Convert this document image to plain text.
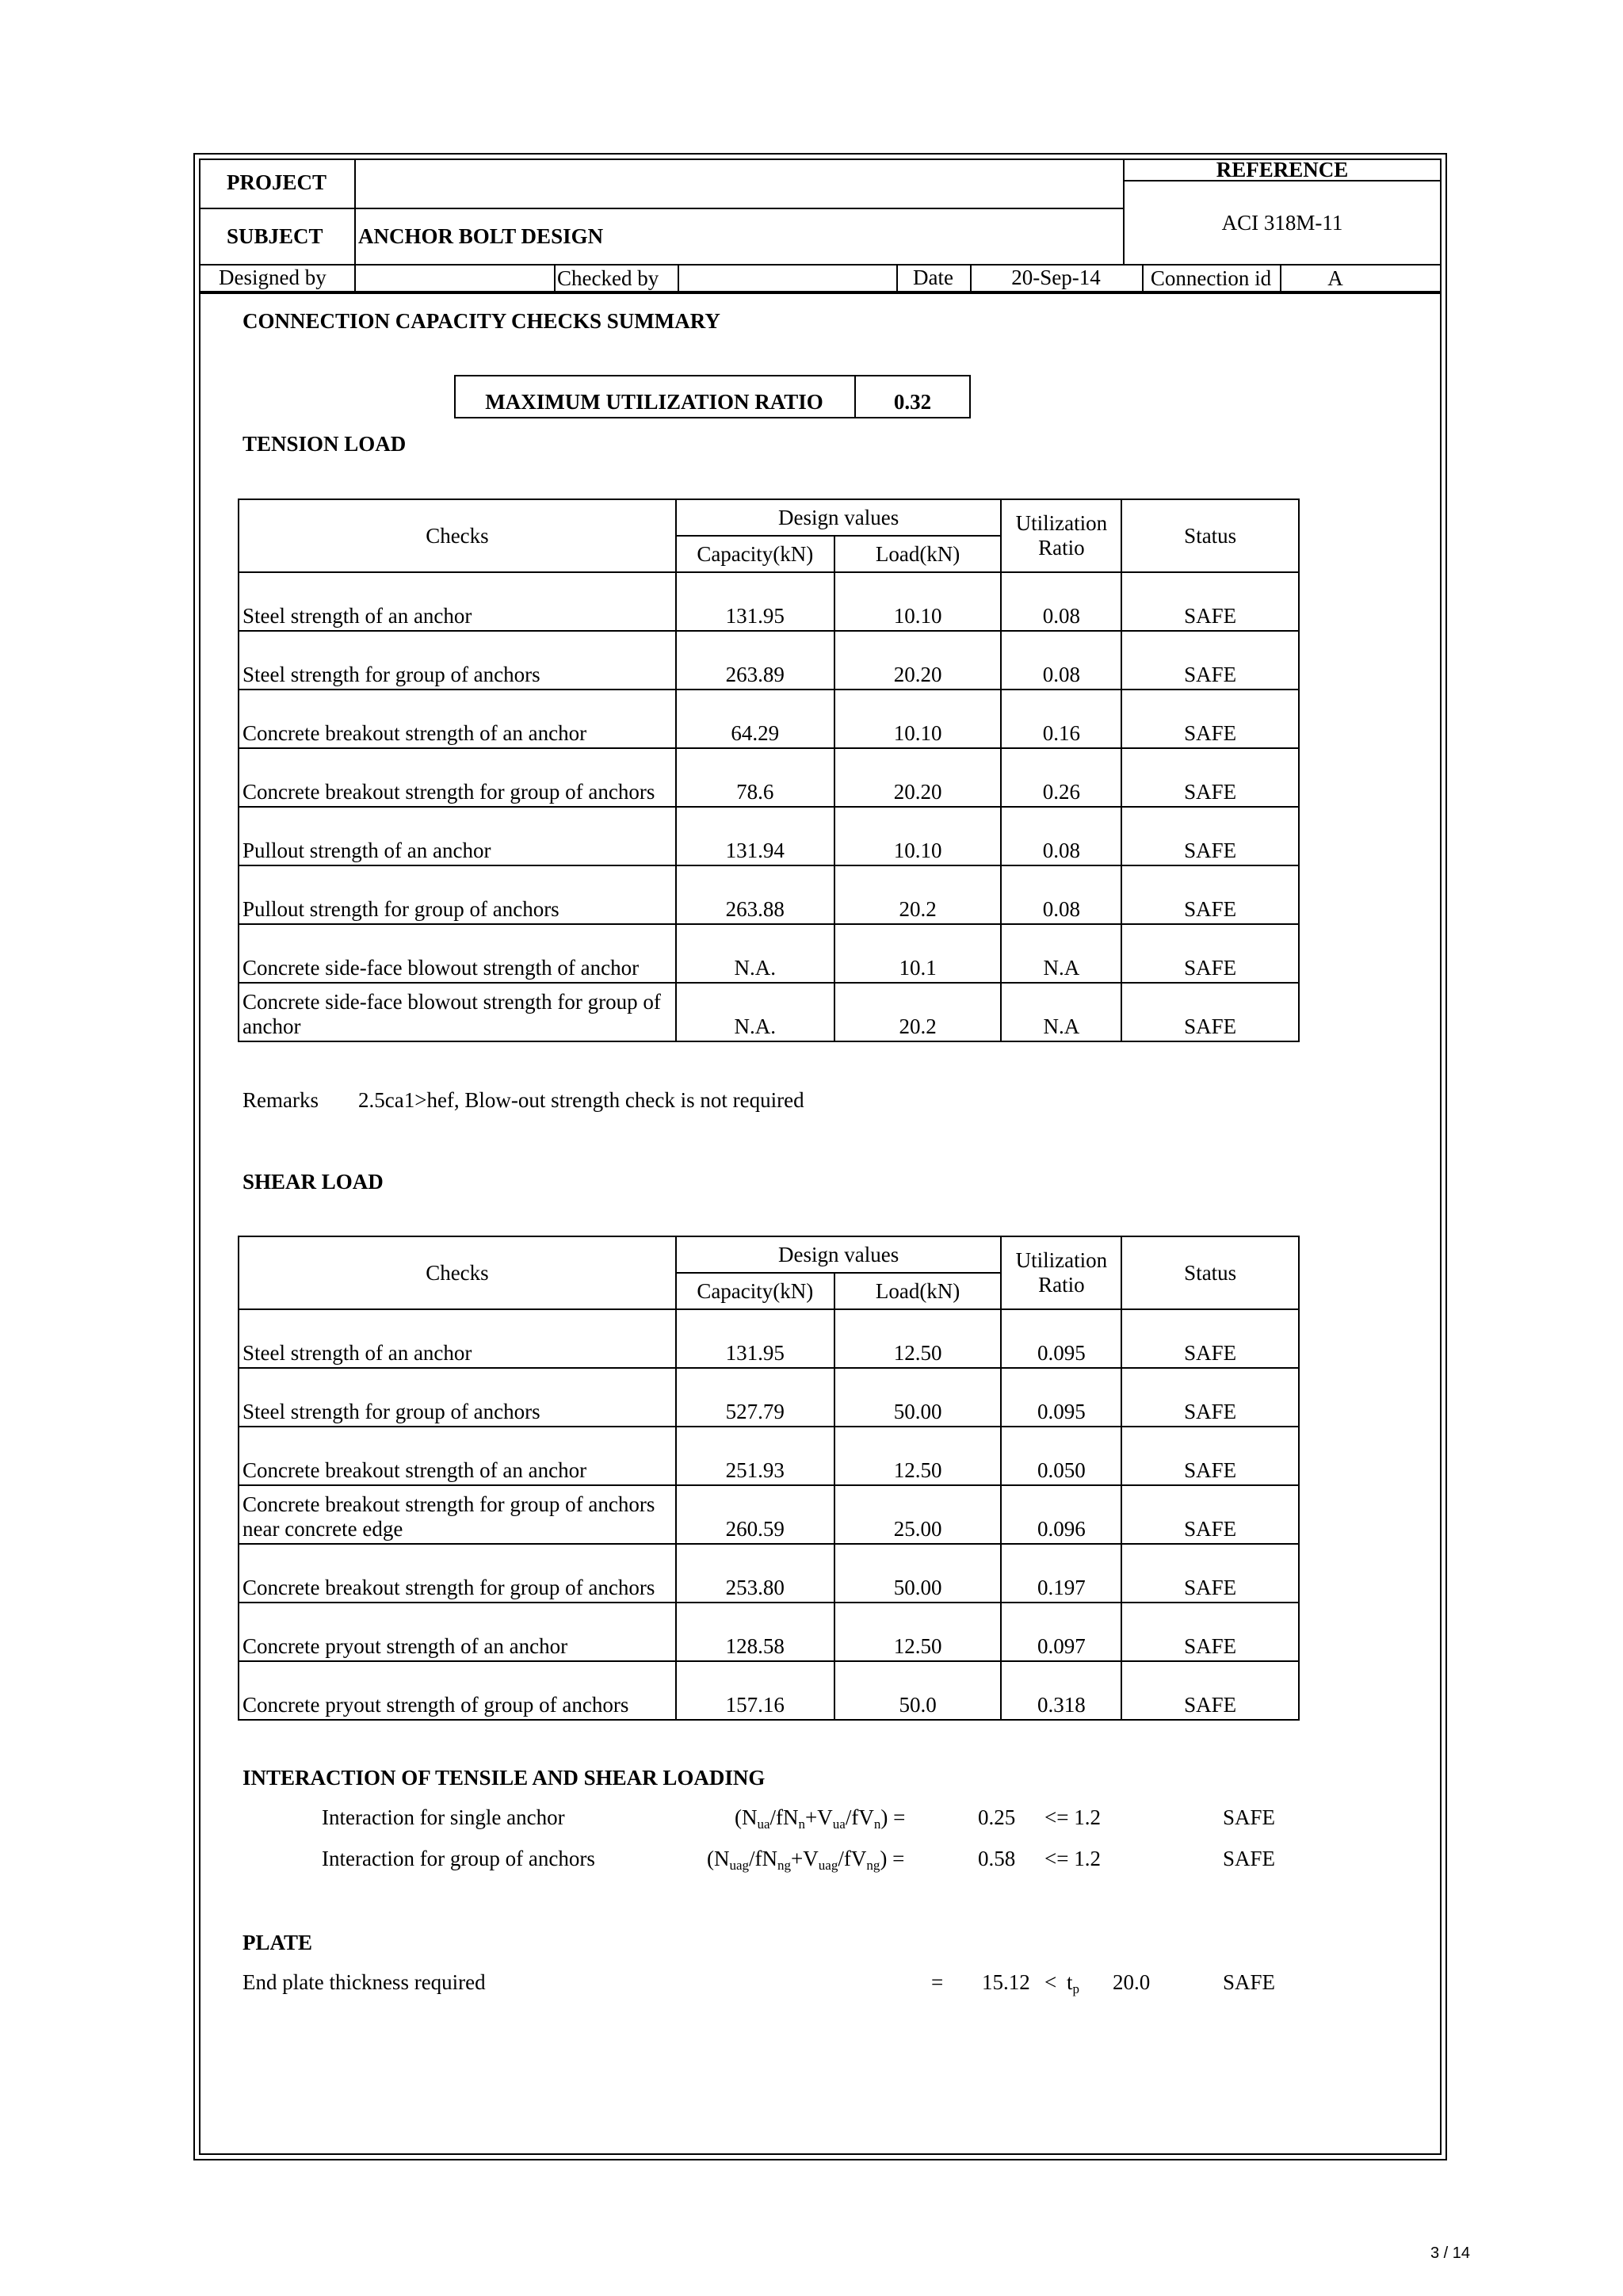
PROJECT
REFERENCE
ACI 318M-11
SUBJECT ANCHOR BOLT DESIGN
Designed by	Checked by	Date	20-Sep-14	Connection id	A
CONNECTION CAPACITY CHECKS SUMMARY
MAXIMUM UTILIZATION RATIO	0.32
TENSION LOAD
Checks	Design values		Utilization
Ratio	Status
	Capacity(kN)	Load(kN)		
Steel strength of an anchor	131.95	10.10	0.08	SAFE
Steel strength for group of anchors	263.89	20.20	0.08	SAFE
Concrete breakout strength of an anchor	64.29	10.10	0.16	SAFE
Concrete breakout strength for group of anchors	78.6	20.20	0.26	SAFE
Pullout strength of an anchor	131.94	10.10	0.08	SAFE
Pullout strength for group of anchors	263.88	20.2	0.08	SAFE
Concrete side-face blowout strength of anchor	N.A.	10.1	N.A	SAFE
Concrete side-face blowout strength for group of
anchor	N.A.	20.2	N.A	SAFE
Remarks 2.5ca1>hef, Blow-out strength check is not required
SHEAR LOAD
Checks	Design values		Utilization
Ratio	Status
	Capacity(kN)	Load(kN)		
Steel strength of an anchor	131.95	12.50	0.095	SAFE
Steel strength for group of anchors	527.79	50.00	0.095	SAFE
Concrete breakout strength of an anchor	251.93	12.50	0.050	SAFE
Concrete breakout strength for group of anchors
near concrete edge	260.59	25.00	0.096	SAFE
Concrete breakout strength for group of anchors	253.80	50.00	0.197	SAFE
Concrete pryout strength of an anchor	128.58	12.50	0.097	SAFE
Concrete pryout strength of group of anchors	157.16	50.0	0.318	SAFE
INTERACTION OF TENSILE AND SHEAR LOADING
Interaction for single anchor	$(N_{ua}/fN_n+V_{ua}/fV_n)$ =	0.25 <= 1.2	SAFE
Interaction for group of anchors	$(N_{uag}/fN_{ng}+V_{uag}/fV_{ng})$ =	0.58 <= 1.2	SAFE
PLATE
End plate thickness required	= $15.12 < t_p$ 20.0	SAFE
3 / 14
